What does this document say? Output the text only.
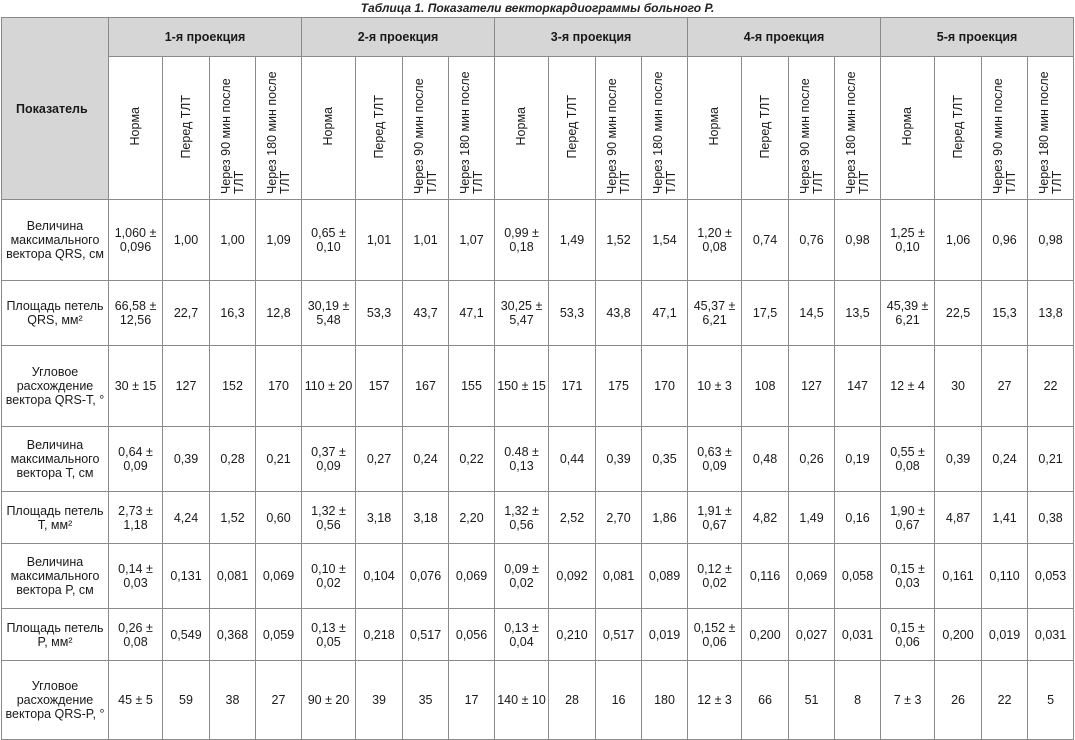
Таблица 1. Показатели векторкардиограммы больного Р.
Показатель	1-я проекция				2-я проекция				3-я проекция				4-я проекция				5-я проекция			
	Норма	Перед ТЛТ	Через 90 мин после ТЛТ	Через 180 мин после ТЛТ	Норма	Перед ТЛТ	Через 90 мин после ТЛТ	Через 180 мин после ТЛТ	Норма	Перед ТЛТ	Через 90 мин после ТЛТ	Через 180 мин после ТЛТ	Норма	Перед ТЛТ	Через 90 мин после ТЛТ	Через 180 мин после ТЛТ	Норма	Перед ТЛТ	Через 90 мин после ТЛТ	Через 180 мин после ТЛТ
Величина максимального вектора QRS, см	1,060 ± 0,096	1,00	1,00	1,09	0,65 ± 0,10	1,01	1,01	1,07	0,99 ± 0,18	1,49	1,52	1,54	1,20 ± 0,08	0,74	0,76	0,98	1,25 ± 0,10	1,06	0,96	0,98
Площадь петель QRS, мм²	66,58 ± 12,56	22,7	16,3	12,8	30,19 ± 5,48	53,3	43,7	47,1	30,25 ± 5,47	53,3	43,8	47,1	45,37 ± 6,21	17,5	14,5	13,5	45,39 ± 6,21	22,5	15,3	13,8
Угловое расхождение вектора QRS-T, °	30 ± 15	127	152	170	110 ± 20	157	167	155	150 ± 15	171	175	170	10 ± 3	108	127	147	12 ± 4	30	27	22
Величина максимального вектора T, см	0,64 ± 0,09	0,39	0,28	0,21	0,37 ± 0,09	0,27	0,24	0,22	0.48 ± 0,13	0,44	0,39	0,35	0,63 ± 0,09	0,48	0,26	0,19	0,55 ± 0,08	0,39	0,24	0,21
Площадь петель T, мм²	2,73 ± 1,18	4,24	1,52	0,60	1,32 ± 0,56	3,18	3,18	2,20	1,32 ± 0,56	2,52	2,70	1,86	1,91 ± 0,67	4,82	1,49	0,16	1,90 ± 0,67	4,87	1,41	0,38
Величина максимального вектора P, см	0,14 ± 0,03	0,131	0,081	0,069	0,10 ± 0,02	0,104	0,076	0,069	0,09 ± 0,02	0,092	0,081	0,089	0,12 ± 0,02	0,116	0,069	0,058	0,15 ± 0,03	0,161	0,110	0,053
Площадь петель P, мм²	0,26 ± 0,08	0,549	0,368	0,059	0,13 ± 0,05	0,218	0,517	0,056	0,13 ± 0,04	0,210	0,517	0,019	0,152 ± 0,06	0,200	0,027	0,031	0,15 ± 0,06	0,200	0,019	0,031
Угловое расхождение вектора QRS-P, °	45 ± 5	59	38	27	90 ± 20	39	35	17	140 ± 10	28	16	180	12 ± 3	66	51	8	7 ± 3	26	22	5
